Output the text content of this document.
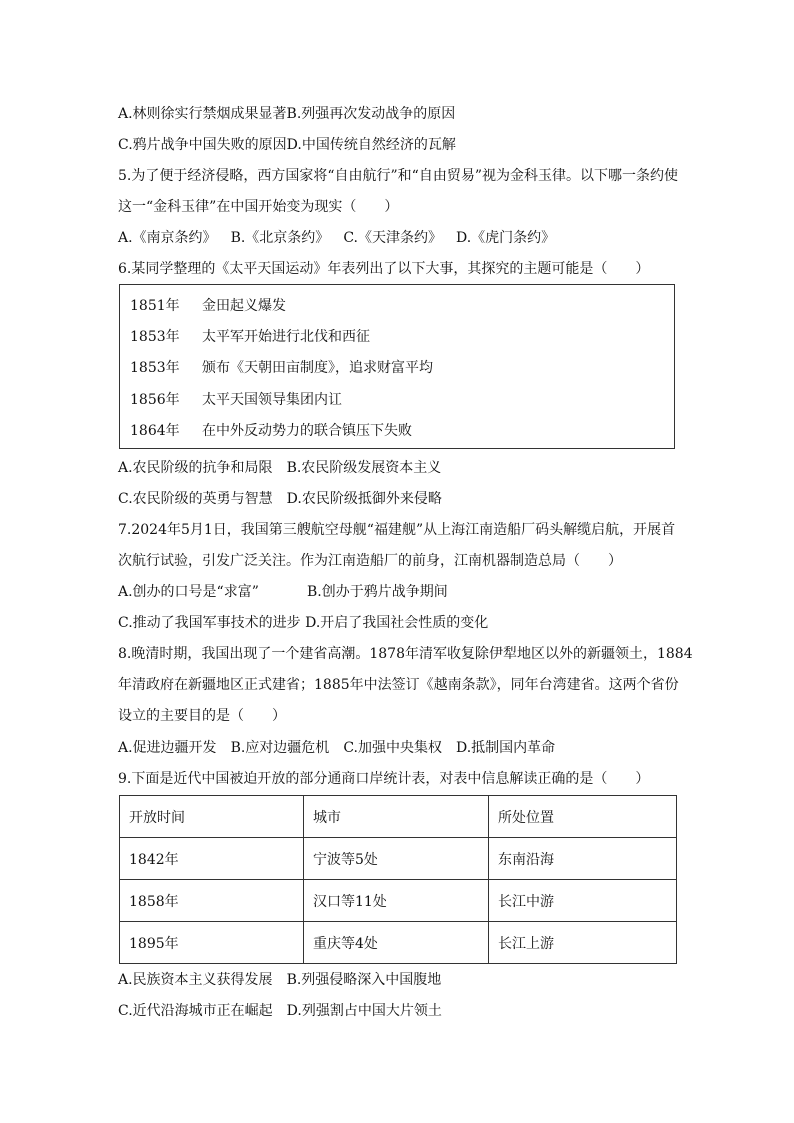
A.林则徐实行禁烟成果显著B.列强再次发动战争的原因
C.鸦片战争中国失败的原因D.中国传统自然经济的瓦解
5.为了便于经济侵略，西方国家将“自由航行”和“自由贸易”视为金科玉律。以下哪一条约使
这一“金科玉律”在中国开始变为现实（　　）
A.《南京条约》 B.《北京条约》 C.《天津条约》 D.《虎门条约》
6.某同学整理的《太平天国运动》年表列出了以下大事，其探究的主题可能是（　　）
1851年 金田起义爆发
1853年 太平军开始进行北伐和西征
1853年 颁布《天朝田亩制度》，追求财富平均
1856年 太平天国领导集团内讧
1864年 在中外反动势力的联合镇压下失败
A.农民阶级的抗争和局限 B.农民阶级发展资本主义
C.农民阶级的英勇与智慧 D.农民阶级抵御外来侵略
7.2024年5月1日，我国第三艘航空母舰“福建舰”从上海江南造船厂码头解缆启航，开展首
次航行试验，引发广泛关注。作为江南造船厂的前身，江南机器制造总局（　　）
A.创办的口号是“求富”	B.创办于鸦片战争期间
C.推动了我国军事技术的进步 D.开启了我国社会性质的变化
8.晚清时期，我国出现了一个建省高潮。1878年清军收复除伊犁地区以外的新疆领土，1884
年清政府在新疆地区正式建省；1885年中法签订《越南条款》，同年台湾建省。这两个省份
设立的主要目的是（　　）
A.促进边疆开发 B.应对边疆危机 C.加强中央集权 D.抵制国内革命
9.下面是近代中国被迫开放的部分通商口岸统计表，对表中信息解读正确的是（　　）
开放时间	城市	所处位置
1842年	宁波等5处	东南沿海
1858年	汉口等11处	长江中游
1895年	重庆等4处	长江上游
A.民族资本主义获得发展 B.列强侵略深入中国腹地
C.近代沿海城市正在崛起 D.列强割占中国大片领土
